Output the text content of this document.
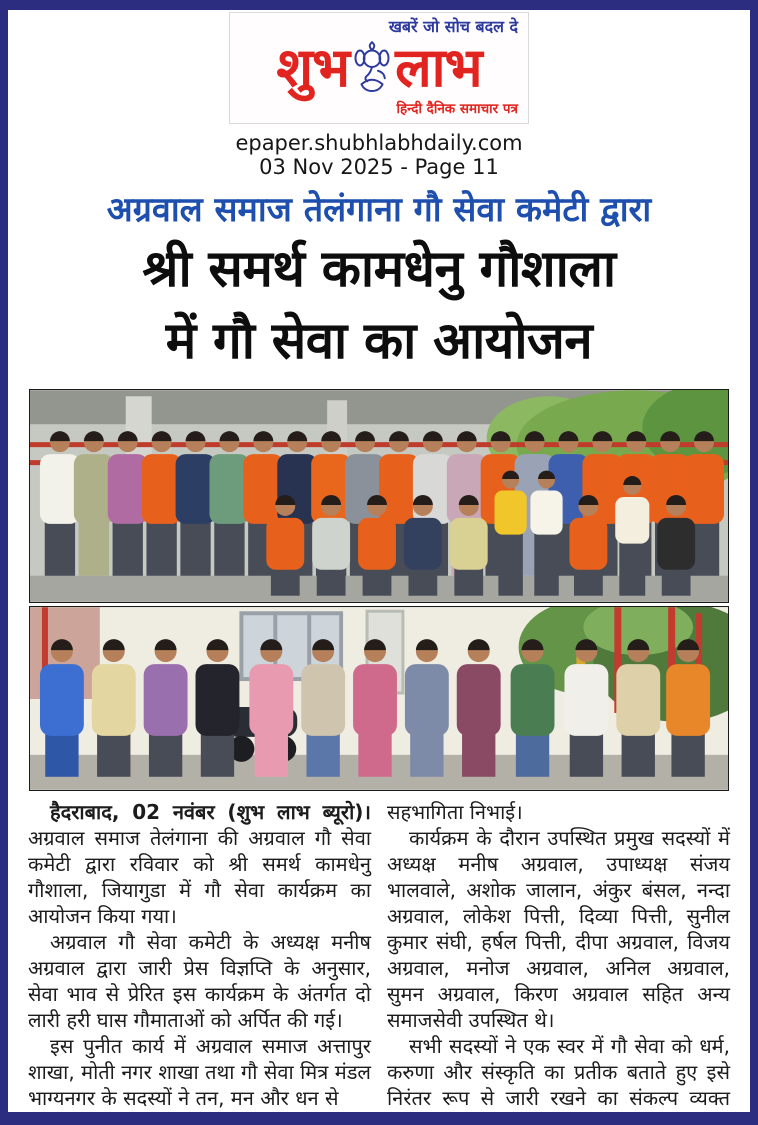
खबरें जो सोच बदल दे
शुभ लाभ
हिन्दी दैनिक समाचार पत्र
epaper.shubhlabhdaily.com
03 Nov 2025 - Page 11
अग्रवाल समाज तेलंगाना गौ सेवा कमेटी द्वारा
श्री समर्थ कामधेनु गौशाला
में गौ सेवा का आयोजन

हैदराबाद, 02 नवंबर (शुभ लाभ ब्यूरो)। अग्रवाल समाज तेलंगाना की अग्रवाल गौ सेवा कमेटी द्वारा रविवार को श्री समर्थ कामधेनु गौशाला, जियागुडा में गौ सेवा कार्यक्रम का आयोजन किया गया।

अग्रवाल गौ सेवा कमेटी के अध्यक्ष मनीष अग्रवाल द्वारा जारी प्रेस विज्ञप्ति के अनुसार, सेवा भाव से प्रेरित इस कार्यक्रम के अंतर्गत दो लारी हरी घास गौमाताओं को अर्पित की गई।

इस पुनीत कार्य में अग्रवाल समाज अत्तापुर शाखा, मोती नगर शाखा तथा गौ सेवा मित्र मंडल भाग्यनगर के सदस्यों ने तन, मन और धन से

सहभागिता निभाई।

कार्यक्रम के दौरान उपस्थित प्रमुख सदस्यों में अध्यक्ष मनीष अग्रवाल, उपाध्यक्ष संजय भालवाले, अशोक जालान, अंकुर बंसल, नन्दा अग्रवाल, लोकेश पित्ती, दिव्या पित्ती, सुनील कुमार संघी, हर्षल पित्ती, दीपा अग्रवाल, विजय अग्रवाल, मनोज अग्रवाल, अनिल अग्रवाल, सुमन अग्रवाल, किरण अग्रवाल सहित अन्य समाजसेवी उपस्थित थे।

सभी सदस्यों ने एक स्वर में गौ सेवा को धर्म, करुणा और संस्कृति का प्रतीक बताते हुए इसे निरंतर रूप से जारी रखने का संकल्प व्यक्त किया।
